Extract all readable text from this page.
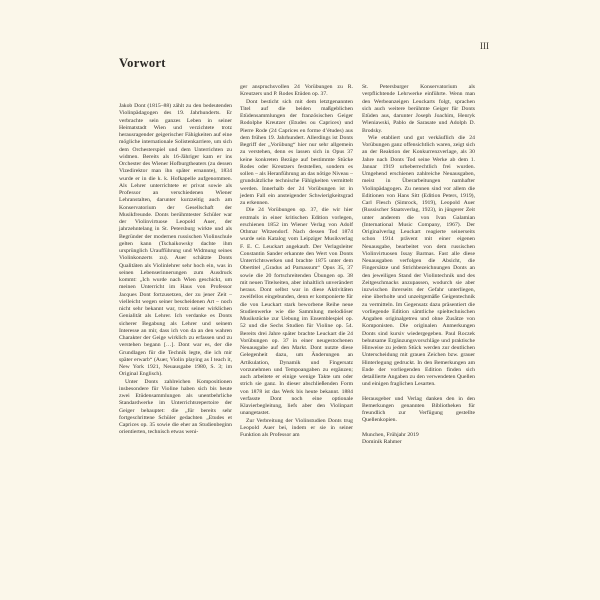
III
Vorwort

Jakob Dont (1815–88) zählt zu den bedeutenden Violinpädagogen des 19. Jahrhunderts. Er verbrachte sein ganzes Leben in seiner Heimatstadt Wien und verzichtete trotz herausragender geigerischer Fähigkeiten auf eine mögliche internationale Solistenkarriere, um sich dem Orchesterspiel und dem Unterrichten zu widmen. Bereits als 16-Jähriger kam er ins Orchester des Wiener Hofburgtheaters (zu dessen Vizedirektor man ihn später ernannte), 1834 wurde er in die k. k. Hofkapelle aufgenommen. Als Lehrer unterrichtete er privat sowie als Professor an verschiedenen Wiener Lehranstalten, darunter kurzzeitig auch am Konservatorium der Gesellschaft der Musikfreunde. Donts berühmtester Schüler war der Violinvirtuose Leopold Auer, der jahrzehntelang in St. Petersburg wirkte und als Begründer der modernen russischen Violinschule gelten kann (Tschaikowsky dachte ihm ursprünglich Uraufführung und Widmung seines Violinkonzerts zu). Auer schätzte Donts Qualitäten als Violinlehrer sehr hoch ein, was in seinen Lebenserinnerungen zum Ausdruck kommt: „Ich wurde nach Wien geschickt, um meinen Unterricht im Haus von Professor Jacques Dont fortzusetzen, der zu jener Zeit – vielleicht wegen seiner bescheidenen Art – noch nicht sehr bekannt war, trotz seiner wirklichen Genialität als Lehrer. Ich verdanke es Donts sicherer Begabung als Lehrer und seinem Interesse an mir, dass ich von da an den wahren Charakter der Geige wirklich zu erfassen und zu verstehen begann […]. Dont war es, der die Grundlagen für die Technik legte, die ich mir später erwarb“ (Auer, Violin playing as I teach it, New York 1921, Neuausgabe 1980, S. 3; im Original Englisch).

Unter Donts zahlreichen Kompositionen insbesondere für Violine haben sich bis heute zwei Etüdensammlungen als unentbehrliche Standardwerke im Unterrichtsrepertoire der Geiger behauptet: die „für bereits sehr fortgeschrittene Schüler gedachten „Etudes et Caprices op. 35 sowie die eher an Studienbeginn orientierten, technisch etwas weni-

ger anspruchsvollen 24 Vorübungen zu R. Kreutzers und P. Rodes Etüden op. 37.

Dont besticht sich mit dem letztgenannten Titel auf die beiden maßgeblichen Etüdensammlungen der französischen Geiger Rodolphe Kreutzer (Etudes ou Caprices) und Pierre Rode (24 Caprices en forme d’études) aus dem frühen 19. Jahrhundert. Allerdings ist Donts Begriff der „Vorübung“ hier nur sehr allgemein zu verstehen, denn es lassen sich in Opus 37 keine konkreten Bezüge auf bestimmte Stücke Rodes oder Kreutzers feststellen, sondern es sollen – als Heranführung an das nötige Niveau – grundsätzliche technische Fähigkeiten vermittelt werden. Innerhalb der 24 Vorübungen ist in jedem Fall ein ansteigender Schwierigkeitsgrad zu erkennen.

Die 24 Vorübungen op. 37, die wir hier erstmals in einer kritischen Edition vorlegen, erschienen 1852 im Wiener Verlag von Adolf Othmar Witzendorf. Nach dessen Tod 1874 wurde sein Katalog vom Leipziger Musikverlag F. E. C. Leuckart angekauft. Der Verlagsleiter Constantin Sander erkannte den Wert von Donts Unterrichtswerken und brachte 1875 unter dem Obertitel „Gradus ad Parnassum“ Opus 35, 37 sowie die 20 fortschreitenden Übungen op. 38 mit neuen Titelseiten, aber inhaltlich unverändert heraus. Dont selbst war in diese Aktivitäten zweifellos eingebunden, denn er komponierte für die von Leuckart stark beworbene Reihe neue Studienwerke wie die Sammlung melodiöser Musikstücke zur Uebung im Ensemblespiel op. 52 und die Sechs Studien für Violine op. 54. Bereits drei Jahre später brachte Leuckart die 24 Vorübungen op. 37 in einer neugestochenen Neuausgabe auf den Markt. Dont nutzte diese Gelegenheit dazu, um Änderungen an Artikulation, Dynamik und Fingersatz vorzunehmen und Tempoangaben zu ergänzen; auch arbeitete er einige wenige Takte um oder strich sie ganz. In dieser abschließenden Form von 1878 ist das Werk bis heute bekannt. 1884 verfasste Dont noch eine optionale Klavierbegleitung, liefs aber den Violinpart unangetastet.

Zur Verbreitung der Violinstudien Donts trug Leopold Auer bei, indem er sie in seiner Funktion als Professor am

St. Petersburger Konservatorium als verpflichtende Lehrwerke einführte. Wenn man den Werbeanzeigen Leuckarts folgt, sprachen sich auch weitere berühmte Geiger für Donts Etüden aus, darunter Joseph Joachim, Henryk Wieniawski, Pablo de Sarasate und Adolph D. Brodsky.

Wie etabliert und gut verkäuflich die 24 Vorübungen ganz offensichtlich waren, zeigt sich an der Reaktion der Konkurrenzverlage, als 30 Jahre nach Donts Tod seine Werke ab dem 1. Januar 1919 urheberrechtlich frei wurden. Umgehend erschienen zahlreiche Neuausgaben, meist in Überarbeitungen namhafter Violinpädagogen. Zu nennen sind vor allem die Editionen von Hans Sitt (Edition Peters, 1919), Carl Flesch (Simrock, 1919), Leopold Auer (Russischer Staatsverlag, 1923), in jüngerer Zeit unter anderem die von Ivan Galamian (International Music Company, 1967). Der Originalverlag Leuckart reagierte seinerseits schon 1914 prävent mit einer eigenen Neuausgabe, bearbeitet von dem russischen Violinvirtuosen Issay Barmas. Fast alle diese Neuausgaben verfolgen die Absicht, die Fingersätze und Strichbezeichnungen Donts an den jeweiligen Stand der Violintechnik und des Zeitgeschmacks anzupassen, wodurch sie aber inzwischen ihrerseits der Gefahr unterliegen, eine überholte und unzeitgemäße Geigentechnik zu vermitteln. Im Gegensatz dazu präsentiert die vorliegende Edition sämtliche spieltechnischen Angaben originalgetreu und ohne Zusätze von Komponisten. Die originalen Anmerkungen Donts sind kursiv wiedergegeben. Paul Roczek behutsame Ergänzungsvorschläge und praktische Hinweise zu jedem Stück werden zur deutlichen Unterscheidung mit grauen Zeichen bzw. grauer Hinterlegung gedruckt. In den Bemerkungen am Ende der vorliegenden Edition finden sich detaillierte Angaben zu den verwendeten Quellen und einigen fraglichen Lesarten.

Herausgeber und Verlag danken den in den Bemerkungen genannten Bibliotheken für freundlich zur Verfügung gestellte Quellenkopien.

Munchen, Frühjahr 2019
Dominik Rahmer
